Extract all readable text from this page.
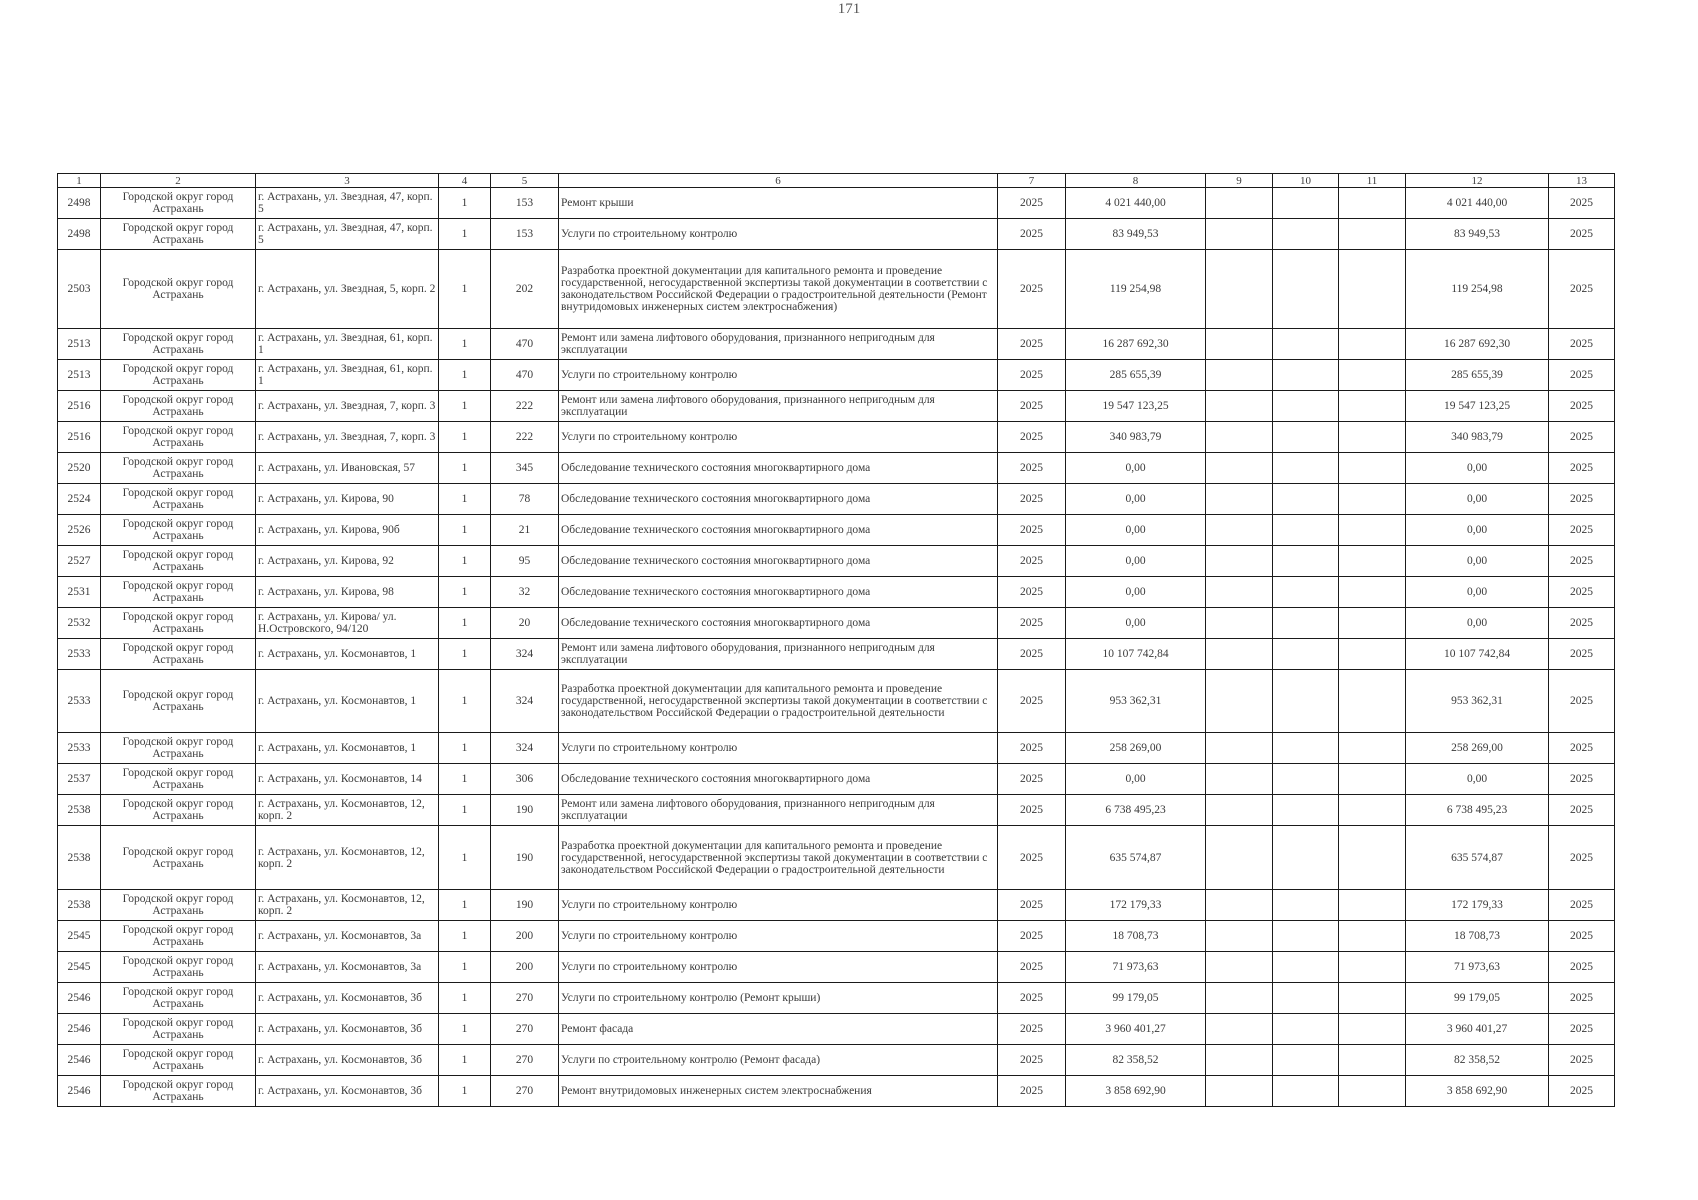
171
1	2	3	4	5	6	7	8	9	10	11	12	13
2498	Городской округ город Астрахань	г. Астрахань, ул. Звездная, 47, корп. 5	1	153	Ремонт крыши	2025	4 021 440,00				4 021 440,00	2025
2498	Городской округ город Астрахань	г. Астрахань, ул. Звездная, 47, корп. 5	1	153	Услуги по строительному контролю	2025	83 949,53				83 949,53	2025
2503	Городской округ город Астрахань	г. Астрахань, ул. Звездная, 5, корп. 2	1	202	Разработка проектной документации для капитального ремонта и проведение государственной, негосударственной экспертизы такой документации в соответствии с законодательством Российской Федерации о градостроительной деятельности (Ремонт внутридомовых инженерных систем электроснабжения)	2025	119 254,98				119 254,98	2025
2513	Городской округ город Астрахань	г. Астрахань, ул. Звездная, 61, корп. 1	1	470	Ремонт или замена лифтового оборудования, признанного непригодным для эксплуатации	2025	16 287 692,30				16 287 692,30	2025
2513	Городской округ город Астрахань	г. Астрахань, ул. Звездная, 61, корп. 1	1	470	Услуги по строительному контролю	2025	285 655,39				285 655,39	2025
2516	Городской округ город Астрахань	г. Астрахань, ул. Звездная, 7, корп. 3	1	222	Ремонт или замена лифтового оборудования, признанного непригодным для эксплуатации	2025	19 547 123,25				19 547 123,25	2025
2516	Городской округ город Астрахань	г. Астрахань, ул. Звездная, 7, корп. 3	1	222	Услуги по строительному контролю	2025	340 983,79				340 983,79	2025
2520	Городской округ город Астрахань	г. Астрахань, ул. Ивановская, 57	1	345	Обследование технического состояния многоквартирного дома	2025	0,00				0,00	2025
2524	Городской округ город Астрахань	г. Астрахань, ул. Кирова, 90	1	78	Обследование технического состояния многоквартирного дома	2025	0,00				0,00	2025
2526	Городской округ город Астрахань	г. Астрахань, ул. Кирова, 90б	1	21	Обследование технического состояния многоквартирного дома	2025	0,00				0,00	2025
2527	Городской округ город Астрахань	г. Астрахань, ул. Кирова, 92	1	95	Обследование технического состояния многоквартирного дома	2025	0,00				0,00	2025
2531	Городской округ город Астрахань	г. Астрахань, ул. Кирова, 98	1	32	Обследование технического состояния многоквартирного дома	2025	0,00				0,00	2025
2532	Городской округ город Астрахань	г. Астрахань, ул. Кирова/ ул. Н.Островского, 94/120	1	20	Обследование технического состояния многоквартирного дома	2025	0,00				0,00	2025
2533	Городской округ город Астрахань	г. Астрахань, ул. Космонавтов, 1	1	324	Ремонт или замена лифтового оборудования, признанного непригодным для эксплуатации	2025	10 107 742,84				10 107 742,84	2025
2533	Городской округ город Астрахань	г. Астрахань, ул. Космонавтов, 1	1	324	Разработка проектной документации для капитального ремонта и проведение государственной, негосударственной экспертизы такой документации в соответствии с законодательством Российской Федерации о градостроительной деятельности	2025	953 362,31				953 362,31	2025
2533	Городской округ город Астрахань	г. Астрахань, ул. Космонавтов, 1	1	324	Услуги по строительному контролю	2025	258 269,00				258 269,00	2025
2537	Городской округ город Астрахань	г. Астрахань, ул. Космонавтов, 14	1	306	Обследование технического состояния многоквартирного дома	2025	0,00				0,00	2025
2538	Городской округ город Астрахань	г. Астрахань, ул. Космонавтов, 12, корп. 2	1	190	Ремонт или замена лифтового оборудования, признанного непригодным для эксплуатации	2025	6 738 495,23				6 738 495,23	2025
2538	Городской округ город Астрахань	г. Астрахань, ул. Космонавтов, 12, корп. 2	1	190	Разработка проектной документации для капитального ремонта и проведение государственной, негосударственной экспертизы такой документации в соответствии с законодательством Российской Федерации о градостроительной деятельности	2025	635 574,87				635 574,87	2025
2538	Городской округ город Астрахань	г. Астрахань, ул. Космонавтов, 12, корп. 2	1	190	Услуги по строительному контролю	2025	172 179,33				172 179,33	2025
2545	Городской округ город Астрахань	г. Астрахань, ул. Космонавтов, 3а	1	200	Услуги по строительному контролю	2025	18 708,73				18 708,73	2025
2545	Городской округ город Астрахань	г. Астрахань, ул. Космонавтов, 3а	1	200	Услуги по строительному контролю	2025	71 973,63				71 973,63	2025
2546	Городской округ город Астрахань	г. Астрахань, ул. Космонавтов, 3б	1	270	Услуги по строительному контролю (Ремонт крыши)	2025	99 179,05				99 179,05	2025
2546	Городской округ город Астрахань	г. Астрахань, ул. Космонавтов, 3б	1	270	Ремонт фасада	2025	3 960 401,27				3 960 401,27	2025
2546	Городской округ город Астрахань	г. Астрахань, ул. Космонавтов, 3б	1	270	Услуги по строительному контролю (Ремонт фасада)	2025	82 358,52				82 358,52	2025
2546	Городской округ город Астрахань	г. Астрахань, ул. Космонавтов, 3б	1	270	Ремонт внутридомовых инженерных систем электроснабжения	2025	3 858 692,90				3 858 692,90	2025
